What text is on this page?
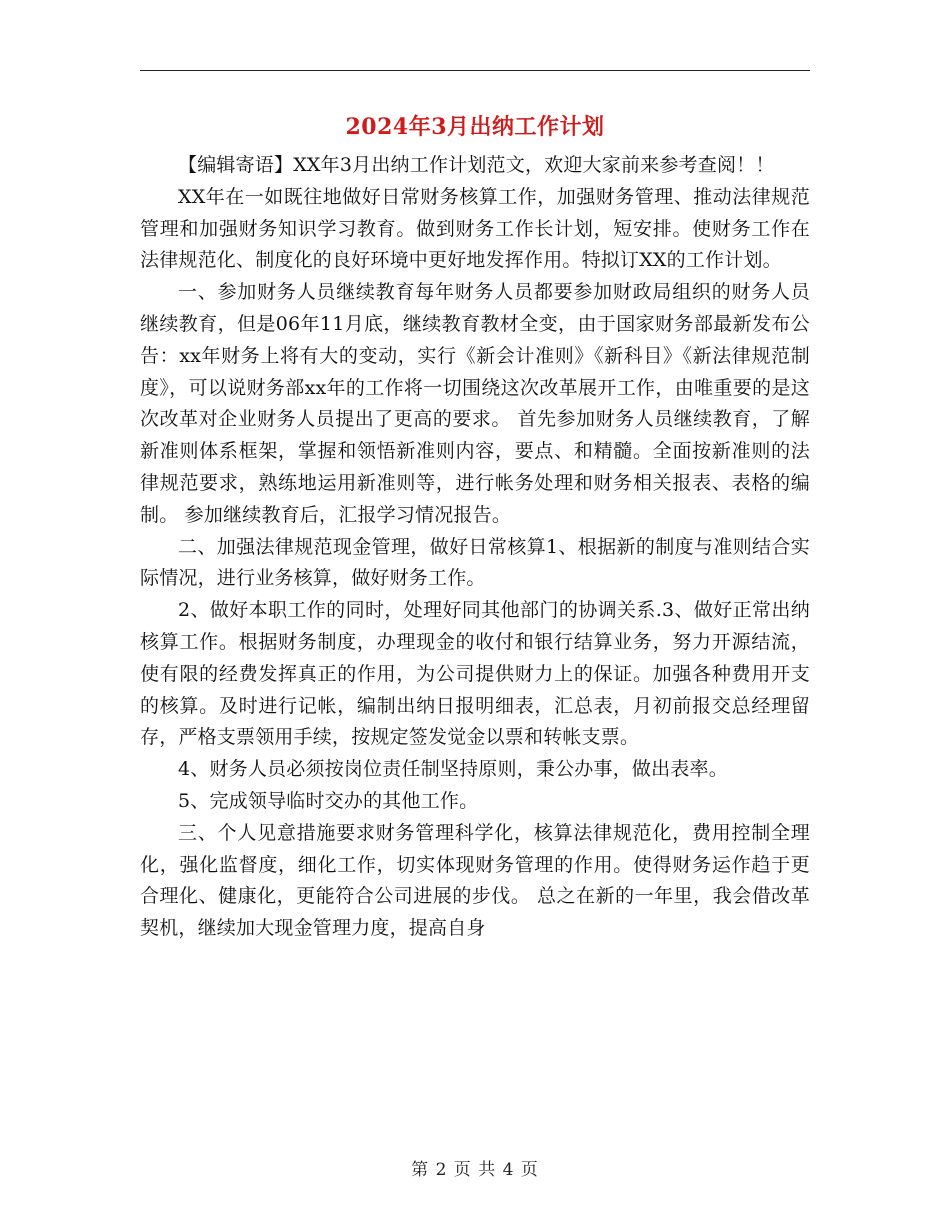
2024年3月出纳工作计划

【编辑寄语】XX年3月出纳工作计划范文，欢迎大家前来参考查阅！！

XX年在一如既往地做好日常财务核算工作，加强财务管理、推动法律规范管理和加强财务知识学习教育。做到财务工作长计划，短安排。使财务工作在法律规范化、制度化的良好环境中更好地发挥作用。特拟订XX的工作计划。

一、参加财务人员继续教育每年财务人员都要参加财政局组织的财务人员继续教育，但是06年11月底，继续教育教材全变，由于国家财务部最新发布公告：xx年财务上将有大的变动，实行《新会计准则》《新科目》《新法律规范制度》，可以说财务部xx年的工作将一切围绕这次改革展开工作，由唯重要的是这次改革对企业财务人员提出了更高的要求。 首先参加财务人员继续教育，了解新准则体系框架，掌握和领悟新准则内容，要点、和精髓。全面按新准则的法律规范要求，熟练地运用新准则等，进行帐务处理和财务相关报表、表格的编制。 参加继续教育后，汇报学习情况报告。

二、加强法律规范现金管理，做好日常核算1、根据新的制度与准则结合实际情况，进行业务核算，做好财务工作。

2、做好本职工作的同时，处理好同其他部门的协调关系.3、做好正常出纳核算工作。根据财务制度，办理现金的收付和银行结算业务，努力开源结流，使有限的经费发挥真正的作用，为公司提供财力上的保证。加强各种费用开支的核算。及时进行记帐，编制出纳日报明细表，汇总表，月初前报交总经理留存，严格支票领用手续，按规定签发觉金以票和转帐支票。

4、财务人员必须按岗位责任制坚持原则，秉公办事，做出表率。

5、完成领导临时交办的其他工作。

三、个人见意措施要求财务管理科学化，核算法律规范化，费用控制全理化，强化监督度，细化工作，切实体现财务管理的作用。使得财务运作趋于更合理化、健康化，更能符合公司进展的步伐。 总之在新的一年里，我会借改革契机，继续加大现金管理力度，提高自身

第 2 页 共 4 页
